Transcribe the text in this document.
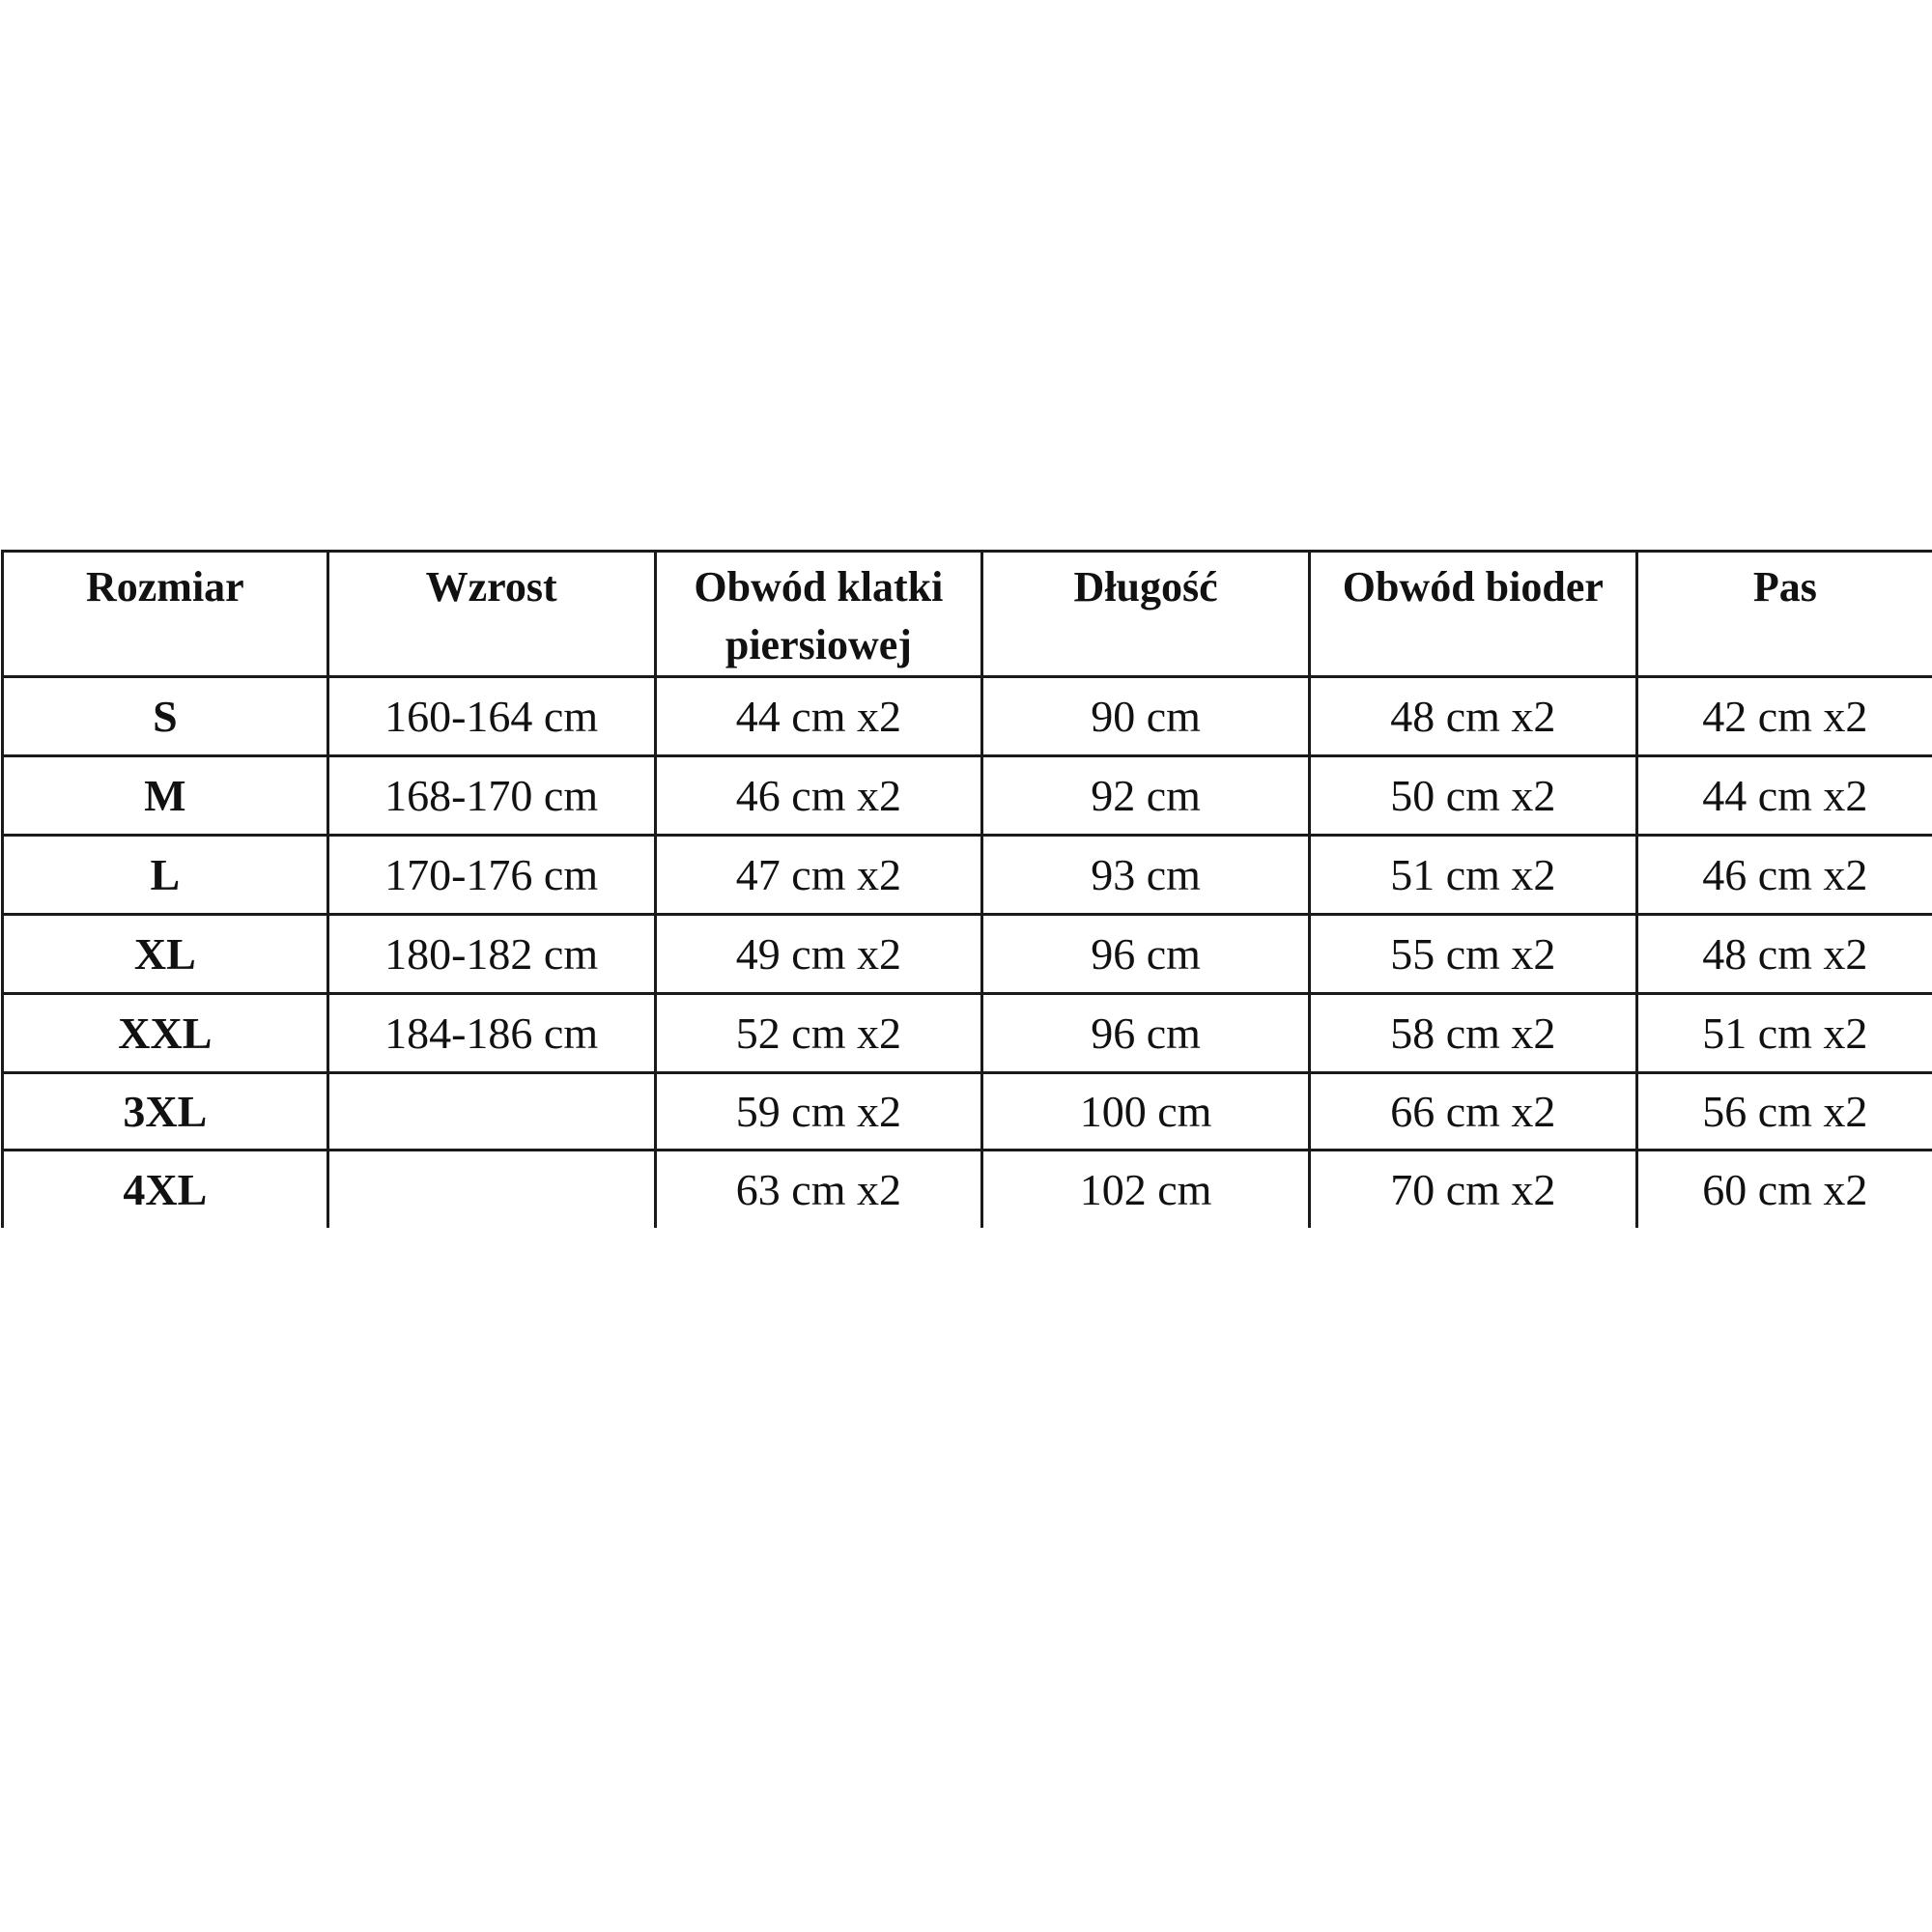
Rozmiar	Wzrost	Obwód klatki piersiowej	Długość	Obwód bioder	Pas
S	160-164 cm	44 cm x2	90 cm	48 cm x2	42 cm x2
M	168-170 cm	46 cm x2	92 cm	50 cm x2	44 cm x2
L	170-176 cm	47 cm x2	93 cm	51 cm x2	46 cm x2
XL	180-182 cm	49 cm x2	96 cm	55 cm x2	48 cm x2
XXL	184-186 cm	52 cm x2	96 cm	58 cm x2	51 cm x2
3XL		59 cm x2	100 cm	66 cm x2	56 cm x2
4XL		63 cm x2	102 cm	70 cm x2	60 cm x2
